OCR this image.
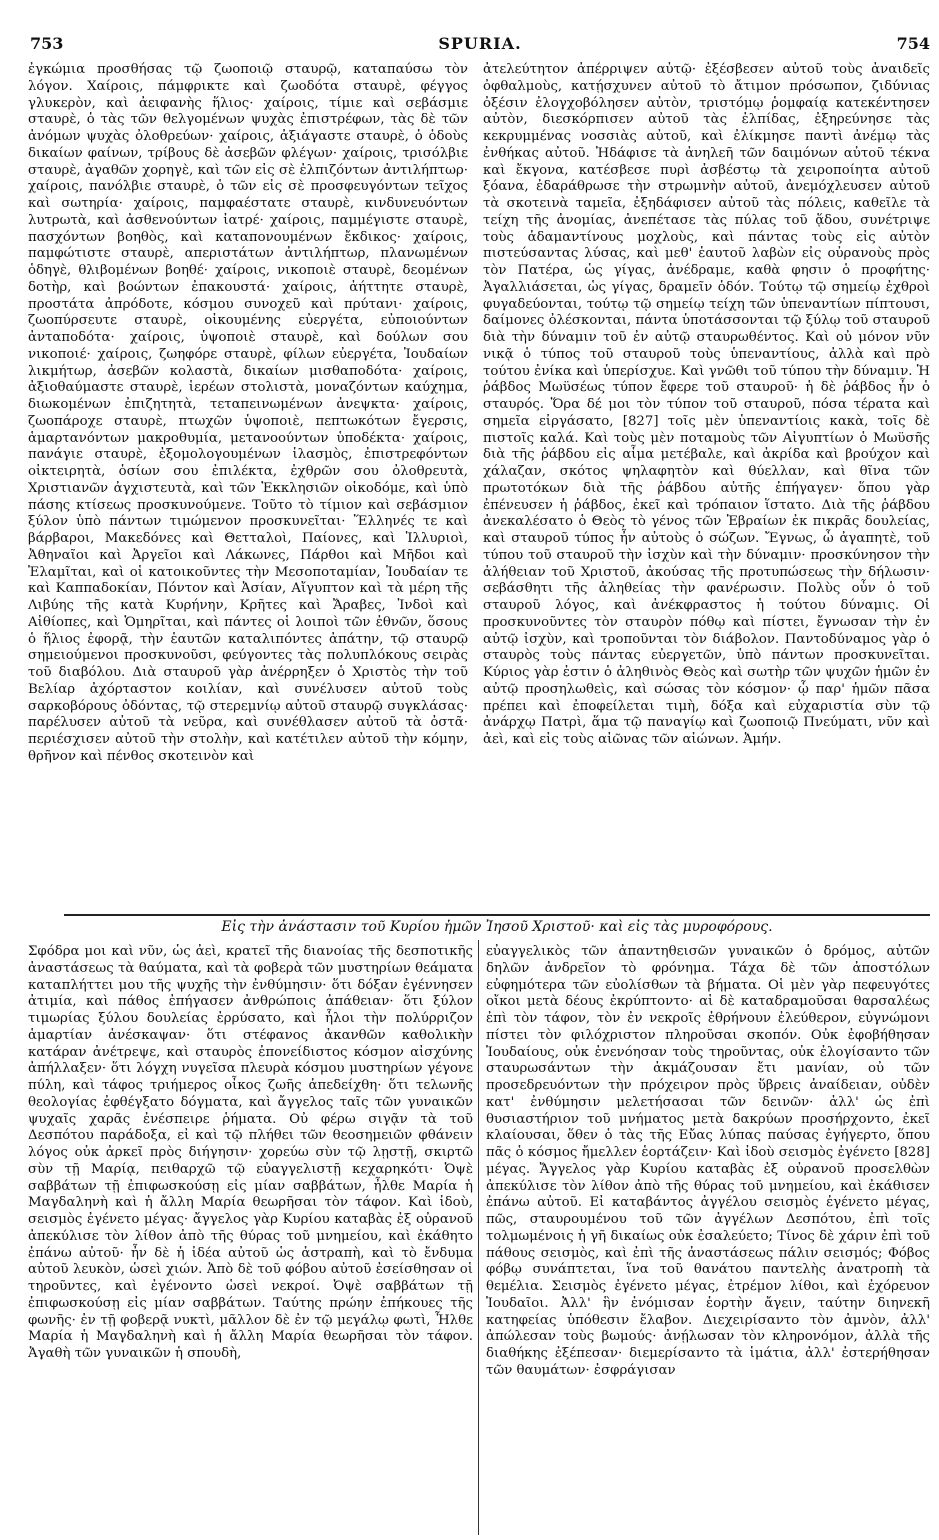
753	SPURIA.	754

ἐγκώμια προσθήσας τῷ ζωοποιῷ σταυρῷ, καταπαύσω τὸν λόγον. Χαίροις, πάμφρικτε καὶ ζωοδότα σταυρὲ, φέγγος γλυκερὸν, καὶ ἀειφανὴς ἥλιος· χαίροις, τίμιε καὶ σεβάσμιε σταυρὲ, ὁ τὰς τῶν θελγομένων ψυχὰς ἐπιστρέφων, τὰς δὲ τῶν ἀνόμων ψυχὰς ὀλοθρεύων· χαίροις, ἀξιάγαστε σταυρὲ, ὁ ὁδοὺς δικαίων φαίνων, τρίβους δὲ ἀσεβῶν φλέγων· χαίροις, τρισόλβιε σταυρὲ, ἀγαθῶν χορηγὲ, καὶ τῶν εἰς σὲ ἐλπιζόντων ἀντιλήπτωρ· χαίροις, πανόλβιε σταυρὲ, ὁ τῶν εἰς σὲ προσφευγόντων τεῖχος καὶ σωτηρία· χαίροις, παμφαέστατε σταυρὲ, κινδυνευόντων λυτρωτὰ, καὶ ἀσθενούντων ἰατρέ· χαίροις, παμμέγιστε σταυρὲ, πασχόντων βοηθὸς, καὶ καταπονουμένων ἔκδικος· χαίροις, παμφώτιστε σταυρὲ, απεριστάτων ἀντιλήπτωρ, πλανωμένων ὁδηγὲ, θλιβομένων βοηθέ· χαίροις, νικοποιὲ σταυρὲ, δεομένων δοτὴρ, καὶ βοώντων ἐπακουστά· χαίροις, ἀήττητε σταυρὲ, προστάτα ἀπρόδοτε, κόσμου συνοχεῦ καὶ πρύτανι· χαίροις, ζωοπύρσευτε σταυρὲ, οἰκουμένης εὐεργέτα, εὐποιούντων ἀνταποδότα· χαίροις, ὑψοποιὲ σταυρὲ, καὶ δούλων σου νικοποιέ· χαίροις, ζωηφόρε σταυρὲ, φίλων εὐεργέτα, Ἰουδαίων λικμήτωρ, ἀσεβῶν κολαστὰ, δικαίων μισθαποδότα· χαίροις, ἀξιοθαύμαστε σταυρὲ, ἱερέων στολιστὰ, μοναζόντων καύχημα, διωκομένων ἐπιζητητὰ, τεταπεινωμένων ἀνεψκτα· χαίροις, ζωοπάροχε σταυρὲ, πτωχῶν ὑψοποιὲ, πεπτωκότων ἔγερσις, ἁμαρτανόντων μακροθυμία, μετανοούντων ὑποδέκτα· χαίροις, πανάγιε σταυρὲ, ἐξομολογουμένων ἱλασμὸς, ἐπιστρεφόντων οἰκτειρητὰ, ὁσίων σου ἐπιλέκτα, ἐχθρῶν σου ὀλοθρευτὰ, Χριστιανῶν ἀγχιστευτὰ, καὶ τῶν Ἐκκλησιῶν οἰκοδόμε, καὶ ὑπὸ πάσης κτίσεως προσκυνούμενε. Τοῦτο τὸ τίμιον καὶ σεβάσμιον ξύλον ὑπὸ πάντων τιμώμενον προσκυνεῖται· Ἕλληνές τε καὶ βάρβαροι, Μακεδόνες καὶ Θετταλοὶ, Παίονες, καὶ Ἰλλυριοὶ, Ἀθηναῖοι καὶ Ἀργεῖοι καὶ Λάκωνες, Πάρθοι καὶ Μῆδοι καὶ Ἐλαμῖται, καὶ οἱ κατοικοῦντες τὴν Μεσοποταμίαν, Ἰουδαίαν τε καὶ Καππαδοκίαν, Πόντον καὶ Ἀσίαν, Αἴγυπτον καὶ τὰ μέρη τῆς Λιβύης τῆς κατὰ Κυρήνην, Κρῆτες καὶ Ἄραβες, Ἰνδοὶ καὶ Αἰθίοπες, καὶ Ὁμηρῖται, καὶ πάντες οἱ λοιποὶ τῶν ἐθνῶν, ὅσους ὁ ἥλιος ἐφορᾷ, τὴν ἑαυτῶν καταλιπόντες ἀπάτην, τῷ σταυρῷ σημειούμενοι προσκυνοῦσι, φεύγοντες τὰς πολυπλόκους σειρὰς τοῦ διαβόλου. Διὰ σταυροῦ γὰρ ἀνέρρηξεν ὁ Χριστὸς τὴν τοῦ Βελίαρ ἀχόρταστον κοιλίαν, καὶ συνέλυσεν αὐτοῦ τοὺς σαρκοβόρους ὀδόντας, τῷ στερεμνίῳ αὐτοῦ σταυρῷ συγκλάσας· παρέλυσεν αὐτοῦ τὰ νεῦρα, καὶ συνέθλασεν αὐτοῦ τὰ ὀστᾶ· περιέσχισεν αὐτοῦ τὴν στολὴν, καὶ κατέτιλεν αὐτοῦ τὴν κόμην, θρῆνον καὶ πένθος σκοτεινὸν καὶ

ἀτελεύτητον ἀπέρριψεν αὐτῷ· ἐξέσβεσεν αὐτοῦ τοὺς ἀναιδεῖς ὀφθαλμοὺς, κατῄσχυνεν αὐτοῦ τὸ ἄτιμον πρόσωπον, ζιδύνιας ὀξέσιν ἐλογχοβόλησεν αὐτὸν, τριστόμῳ ῥομφαίᾳ κατεκέντησεν αὐτὸν, διεσκόρπισεν αὐτοῦ τὰς ἐλπίδας, ἐξηρεύνησε τὰς κεκρυμμένας νοσσιὰς αὐτοῦ, καὶ ἐλίκμησε παντὶ ἀνέμῳ τὰς ἐνθήκας αὐτοῦ. Ἠδάφισε τὰ ἀνηλεῆ τῶν δαιμόνων αὐτοῦ τέκνα καὶ ἔκγονα, κατέσβεσε πυρὶ ἀσβέστῳ τὰ χειροποίητα αὐτοῦ ξόανα, ἐδαράθρωσε τὴν στρωμνὴν αὐτοῦ, ἀνεμόχλευσεν αὐτοῦ τὰ σκοτεινὰ ταμεῖα, ἐξηδάφισεν αὐτοῦ τὰς πόλεις, καθεῖλε τὰ τείχη τῆς ἀνομίας, ἀνεπέτασε τὰς πύλας τοῦ ᾅδου, συνέτριψε τοὺς ἀδαμαντίνους μοχλοὺς, καὶ πάντας τοὺς εἰς αὐτὸν πιστεύσαντας λύσας, καὶ μεθ' ἑαυτοῦ λαβὼν εἰς οὐρανοὺς πρὸς τὸν Πατέρα, ὡς γίγας, ἀνέδραμε, καθὰ φησιν ὁ προφήτης· Ἀγαλλιάσεται, ὡς γίγας, δραμεῖν ὁδόν. Τούτῳ τῷ σημείῳ ἐχθροὶ φυγαδεύονται, τούτῳ τῷ σημείῳ τείχη τῶν ὑπεναντίων πίπτουσι, δαίμονες ὀλέσκονται, πάντα ὑποτάσσονται τῷ ξύλῳ τοῦ σταυροῦ διὰ τὴν δύναμιν τοῦ ἐν αὐτῷ σταυρωθέντος. Καὶ οὐ μόνον νῦν νικᾷ ὁ τύπος τοῦ σταυροῦ τοὺς ὑπεναντίους, ἀλλὰ καὶ πρὸ τούτου ἐνίκα καὶ ὑπερίσχυε. Καὶ γνῶθι τοῦ τύπου τὴν δύναμιν. Ἡ ῥάβδος Μωϋσέως τύπον ἔφερε τοῦ σταυροῦ· ἡ δὲ ῥάβδος ἦν ὁ σταυρός. Ὅρα δέ μοι τὸν τύπον τοῦ σταυροῦ, πόσα τέρατα καὶ σημεῖα εἰργάσατο, [827] τοῖς μὲν ὑπεναντίοις κακὰ, τοῖς δὲ πιστοῖς καλά. Καὶ τοὺς μὲν ποταμοὺς τῶν Αἰγυπτίων ὁ Μωϋσῆς διὰ τῆς ῥάβδου εἰς αἷμα μετέβαλε, καὶ ἀκρίδα καὶ βρούχον καὶ χάλαζαν, σκότος ψηλαφητὸν καὶ θύελλαν, καὶ θῖνα τῶν πρωτοτόκων διὰ τῆς ῥάβδου αὐτῆς ἐπήγαγεν· ὅπου γὰρ ἐπένευσεν ἡ ῥάβδος, ἐκεῖ καὶ τρόπαιον ἵστατο. Διὰ τῆς ῥάβδου ἀνεκαλέσατο ὁ Θεὸς τὸ γένος τῶν Ἑβραίων ἐκ πικρᾶς δουλείας, καὶ σταυροῦ τύπος ἦν αὐτοὺς ὁ σώζων. Ἔγνως, ὦ ἀγαπητὲ, τοῦ τύπου τοῦ σταυροῦ τὴν ἰσχὺν καὶ τὴν δύναμιν· προσκύνησον τὴν ἀλήθειαν τοῦ Χριστοῦ, ἀκούσας τῆς προτυπώσεως τὴν δήλωσιν· σεβάσθητι τῆς ἀληθείας τὴν φανέρωσιν. Πολὺς οὖν ὁ τοῦ σταυροῦ λόγος, καὶ ἀνέκφραστος ἡ τούτου δύναμις. Οἱ προσκυνοῦντες τὸν σταυρὸν πόθῳ καὶ πίστει, ἔγνωσαν τὴν ἐν αὐτῷ ἰσχὺν, καὶ τροποῦνται τὸν διάβολον. Παντοδύναμος γὰρ ὁ σταυρὸς τοὺς πάντας εὐεργετῶν, ὑπὸ πάντων προσκυνεῖται. Κύριος γὰρ ἐστιν ὁ ἀληθινὸς Θεὸς καὶ σωτὴρ τῶν ψυχῶν ἡμῶν ἐν αὐτῷ προσηλωθεὶς, καὶ σώσας τὸν κόσμον· ᾧ παρ' ἡμῶν πᾶσα πρέπει καὶ ἐποφείλεται τιμὴ, δόξα καὶ εὐχαριστία σὺν τῷ ἀνάρχῳ Πατρὶ, ἅμα τῷ παναγίῳ καὶ ζωοποιῷ Πνεύματι, νῦν καὶ ἀεὶ, καὶ εἰς τοὺς αἰῶνας τῶν αἰώνων. Ἀμήν.

Εἰς τὴν ἀνάστασιν τοῦ Κυρίου ἡμῶν Ἰησοῦ Χριστοῦ· καὶ εἰς τὰς μυροφόρους.

Σφόδρα μοι καὶ νῦν, ὡς ἀεὶ, κρατεῖ τῆς διανοίας τῆς δεσποτικῆς ἀναστάσεως τὰ θαύματα, καὶ τὰ φοβερὰ τῶν μυστηρίων θεάματα καταπλήττει μου τῆς ψυχῆς τὴν ἐνθύμησιν· ὅτι δόξαν ἐγέννησεν ἀτιμία, καὶ πάθος ἐπήγασεν ἀνθρώποις ἀπάθειαν· ὅτι ξύλον τιμωρίας ξύλου δουλείας ἐρρύσατο, καὶ ἧλοι τὴν πολύρριζον ἁμαρτίαν ἀνέσκαψαν· ὅτι στέφανος ἀκανθῶν καθολικὴν κατάραν ἀνέτρεψε, καὶ σταυρὸς ἐπονείδιστος κόσμον αἰσχύνης ἀπήλλαξεν· ὅτι λόγχη νυγεῖσα πλευρὰ κόσμου μυστηρίων γέγονε πύλη, καὶ τάφος τριήμερος οἶκος ζωῆς ἀπεδείχθη· ὅτι τελωνῆς θεολογίας ἐφθέγξατο δόγματα, καὶ ἄγγελος ταῖς τῶν γυναικῶν ψυχαῖς χαρᾶς ἐνέσπειρε ῥήματα. Οὐ φέρω σιγᾷν τὰ τοῦ Δεσπότου παράδοξα, εἰ καὶ τῷ πλήθει τῶν θεοσημειῶν φθάνειν λόγος οὐκ ἀρκεῖ πρὸς διήγησιν· χορεύω σὺν τῷ λῃστῇ, σκιρτῶ σὺν τῇ Μαρίᾳ, πειθαρχῶ τῷ εὐαγγελιστῇ κεχαρηκότι· Ὀψὲ σαββάτων τῇ ἐπιφωσκούσῃ εἰς μίαν σαββάτων, ἦλθε Μαρία ἡ Μαγδαληνὴ καὶ ἡ ἄλλη Μαρία θεωρῆσαι τὸν τάφον. Καὶ ἰδοὺ, σεισμὸς ἐγένετο μέγας· ἄγγελος γὰρ Κυρίου καταβὰς ἐξ οὐρανοῦ ἀπεκύλισε τὸν λίθον ἀπὸ τῆς θύρας τοῦ μνημείου, καὶ ἐκάθητο ἐπάνω αὐτοῦ· ἦν δὲ ἡ ἰδέα αὐτοῦ ὡς ἀστραπὴ, καὶ τὸ ἔνδυμα αὐτοῦ λευκὸν, ὡσεὶ χιών. Ἀπὸ δὲ τοῦ φόβου αὐτοῦ ἐσείσθησαν οἱ τηροῦντες, καὶ ἐγένοντο ὡσεὶ νεκροί. Ὀψὲ σαββάτων τῇ ἐπιφωσκούσῃ εἰς μίαν σαββάτων. Ταύτης πρώην ἐπήκουες τῆς φωνῆς· ἐν τῇ φοβερᾷ νυκτὶ, μᾶλλον δὲ ἐν τῷ μεγάλῳ φωτὶ, Ἦλθε Μαρία ἡ Μαγδαληνὴ καὶ ἡ ἄλλη Μαρία θεωρῆσαι τὸν τάφον. Ἀγαθὴ τῶν γυναικῶν ἡ σπουδὴ,

εὐαγγελικὸς τῶν ἀπαντηθεισῶν γυναικῶν ὁ δρόμος, αὐτῶν δηλῶν ἀνδρεῖον τὸ φρόνημα. Τάχα δὲ τῶν ἀποστόλων εὐφημότερα τῶν εὐολίσθων τὰ βήματα. Οἱ μὲν γὰρ πεφευγότες οἴκοι μετὰ δέους ἐκρύπτοντο· αἱ δὲ καταδραμοῦσαι θαρσαλέως ἐπὶ τὸν τάφον, τὸν ἐν νεκροῖς ἐθρήνουν ἐλεύθερον, εὐγνώμονι πίστει τὸν φιλόχριστον πληροῦσαι σκοπόν. Οὐκ ἐφοβήθησαν Ἰουδαίους, οὐκ ἐνενόησαν τοὺς τηροῦντας, οὐκ ἐλογίσαντο τῶν σταυρωσάντων τὴν ἀκμάζουσαν ἔτι μανίαν, οὐ τῶν προσεδρευόντων τὴν πρόχειρον πρὸς ὕβρεις ἀναίδειαν, οὐδὲν κατ' ἐνθύμησιν μελετήσασαι τῶν δεινῶν· ἀλλ' ὡς ἐπὶ θυσιαστήριον τοῦ μνήματος μετὰ δακρύων προσήρχοντο, ἐκεῖ κλαίουσαι, ὅθεν ὁ τὰς τῆς Εὔας λύπας παύσας ἐγήγερτο, ὅπου πᾶς ὁ κόσμος ἤμελλεν ἑορτάζειν· Καὶ ἰδοὺ σεισμὸς ἐγένετο [828] μέγας. Ἄγγελος γὰρ Κυρίου καταβὰς ἐξ οὐρανοῦ προσελθὼν ἀπεκύλισε τὸν λίθον ἀπὸ τῆς θύρας τοῦ μνημείου, καὶ ἐκάθισεν ἐπάνω αὐτοῦ. Εἰ καταβάντος ἀγγέλου σεισμὸς ἐγένετο μέγας, πῶς, σταυρουμένου τοῦ τῶν ἀγγέλων Δεσπότου, ἐπὶ τοῖς τολμωμένοις ἡ γῆ δικαίως οὐκ ἐσαλεύετο; Τίνος δὲ χάριν ἐπὶ τοῦ πάθους σεισμὸς, καὶ ἐπὶ τῆς ἀναστάσεως πάλιν σεισμός; Φόβος φόβῳ συνάπτεται, ἵνα τοῦ θανάτου παντελὴς ἀνατροπὴ τὰ θεμέλια. Σεισμὸς ἐγένετο μέγας, ἐτρέμον λίθοι, καὶ ἐχόρευον Ἰουδαῖοι. Ἀλλ' ἣν ἐνόμισαν ἑορτὴν ἄγειν, ταύτην διηνεκῆ κατηφείας ὑπόθεσιν ἔλαβον. Διεχειρίσαντο τὸν ἀμνὸν, ἀλλ' ἀπώλεσαν τοὺς βωμούς· ἀνῄλωσαν τὸν κληρονόμον, ἀλλὰ τῆς διαθήκης ἐξέπεσαν· διεμερίσαντο τὰ ἱμάτια, ἀλλ' ἐστερήθησαν τῶν θαυμάτων· ἐσφράγισαν
